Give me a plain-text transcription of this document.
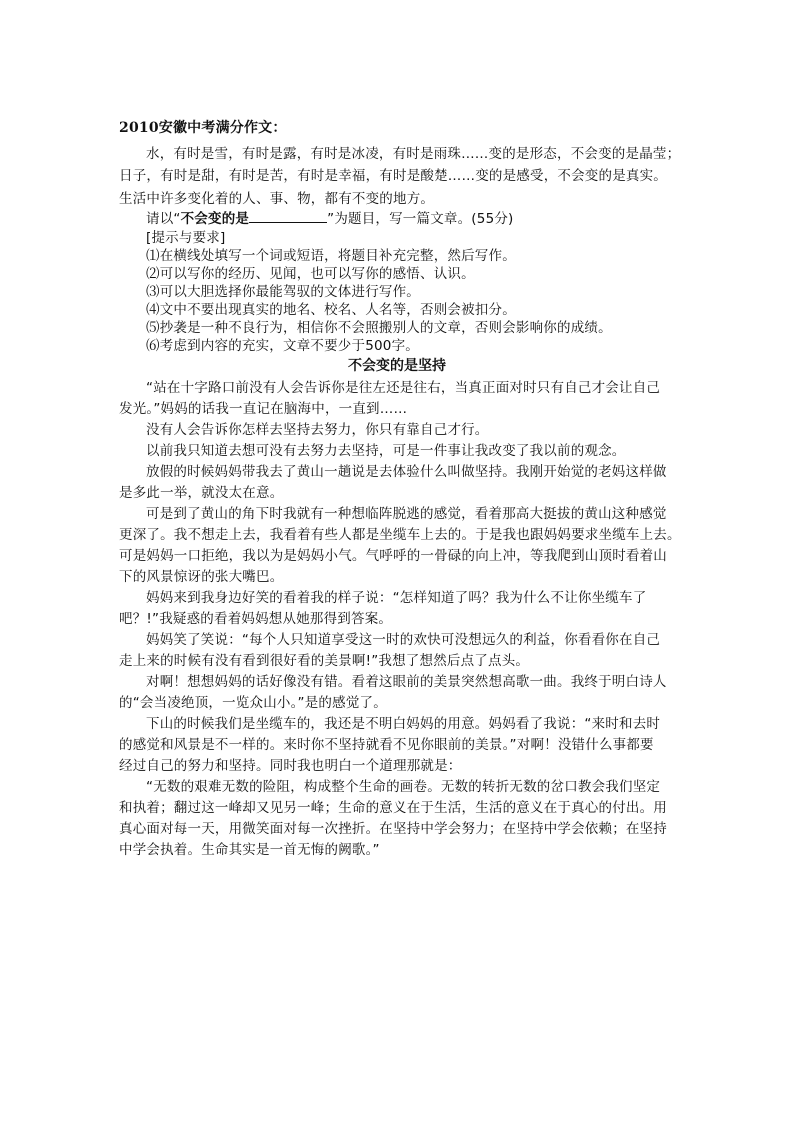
2010安徽中考满分作文：
水，有时是雪，有时是露，有时是冰凌，有时是雨珠……变的是形态，不会变的是晶莹；
日子，有时是甜，有时是苦，有时是幸福，有时是酸楚……变的是感受，不会变的是真实。
生活中许多变化着的人、事、物，都有不变的地方。
请以“不会变的是	”为题目，写一篇文章。(55分)
[提示与要求]
⑴在横线处填写一个词或短语，将题目补充完整，然后写作。
⑵可以写你的经历、见闻，也可以写你的感悟、认识。
⑶可以大胆选择你最能驾驭的文体进行写作。
⑷文中不要出现真实的地名、校名、人名等，否则会被扣分。
⑸抄袭是一种不良行为，相信你不会照搬别人的文章，否则会影响你的成绩。
⑹考虑到内容的充实，文章不要少于500字。
不会变的是坚持
“站在十字路口前没有人会告诉你是往左还是往右，当真正面对时只有自己才会让自己
发光。”妈妈的话我一直记在脑海中，一直到……
没有人会告诉你怎样去坚持去努力，你只有靠自己才行。
以前我只知道去想可没有去努力去坚持，可是一件事让我改变了我以前的观念。
放假的时候妈妈带我去了黄山一趟说是去体验什么叫做坚持。我刚开始觉的老妈这样做
是多此一举，就没太在意。
可是到了黄山的角下时我就有一种想临阵脱逃的感觉，看着那高大挺拔的黄山这种感觉
更深了。我不想走上去，我看着有些人都是坐缆车上去的。于是我也跟妈妈要求坐缆车上去。
可是妈妈一口拒绝，我以为是妈妈小气。气呼呼的一骨碌的向上冲，等我爬到山顶时看着山
下的风景惊讶的张大嘴巴。
妈妈来到我身边好笑的看着我的样子说：“怎样知道了吗？我为什么不让你坐缆车了
吧？!”我疑惑的看着妈妈想从她那得到答案。
妈妈笑了笑说：“每个人只知道享受这一时的欢快可没想远久的利益，你看看你在自己
走上来的时候有没有看到很好看的美景啊!”我想了想然后点了点头。
对啊！想想妈妈的话好像没有错。看着这眼前的美景突然想高歌一曲。我终于明白诗人
的“会当凌绝顶，一览众山小。”是的感觉了。
下山的时候我们是坐缆车的，我还是不明白妈妈的用意。妈妈看了我说：“来时和去时
的感觉和风景是不一样的。来时你不坚持就看不见你眼前的美景。”对啊！没错什么事都要
经过自己的努力和坚持。同时我也明白一个道理那就是：
“无数的艰难无数的险阻，构成整个生命的画卷。无数的转折无数的岔口教会我们坚定
和执着；翻过这一峰却又见另一峰；生命的意义在于生活，生活的意义在于真心的付出。用
真心面对每一天，用微笑面对每一次挫折。在坚持中学会努力；在坚持中学会依赖；在坚持
中学会执着。生命其实是一首无悔的阙歌。”
